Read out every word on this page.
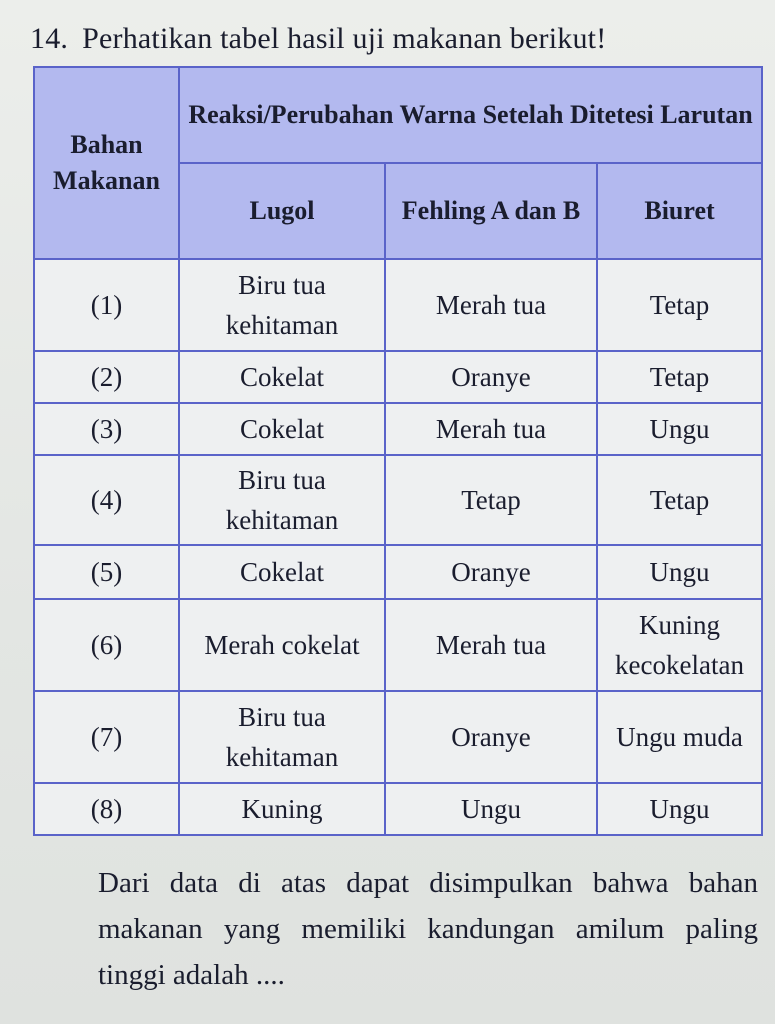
14. Perhatikan tabel hasil uji makanan berikut!
Bahan Makanan	Reaksi/Perubahan Warna Setelah Ditetesi Larutan		
	Lugol	Fehling A dan B	Biuret
(1)	Biru tua kehitaman	Merah tua	Tetap
(2)	Cokelat	Oranye	Tetap
(3)	Cokelat	Merah tua	Ungu
(4)	Biru tua kehitaman	Tetap	Tetap
(5)	Cokelat	Oranye	Ungu
(6)	Merah cokelat	Merah tua	Kuning kecokelatan
(7)	Biru tua kehitaman	Oranye	Ungu muda
(8)	Kuning	Ungu	Ungu
Dari data di atas dapat disimpulkan bahwa bahan makanan yang memiliki kandungan amilum paling tinggi adalah ....
